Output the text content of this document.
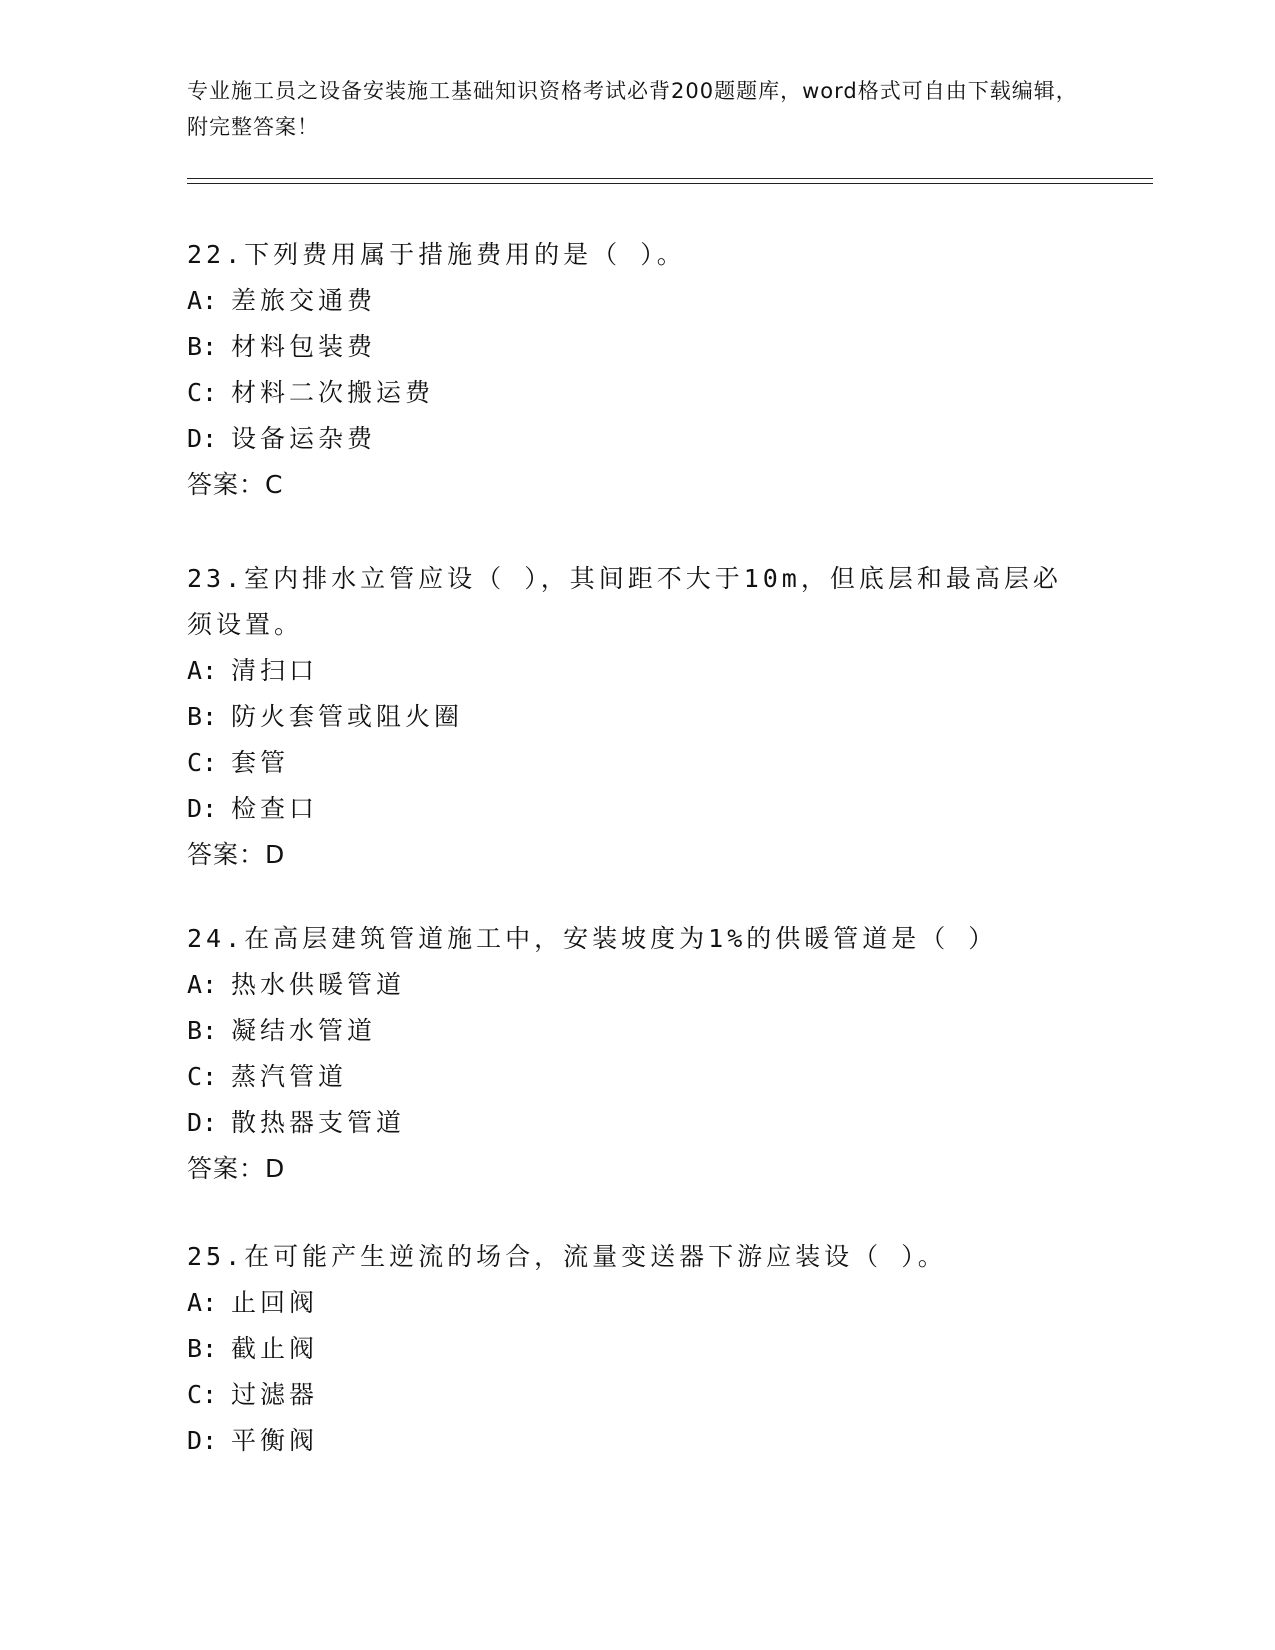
专业施工员之设备安装施工基础知识资格考试必背200题题库，word格式可自由下载编辑，附完整答案！
22.下列费用属于措施费用的是（ ）。
A: 差旅交通费
B: 材料包装费
C: 材料二次搬运费
D: 设备运杂费
答案：C
23.室内排水立管应设（ ），其间距不大于10m，但底层和最高层必须设置。
A: 清扫口
B: 防火套管或阻火圈
C: 套管
D: 检查口
答案：D
24.在高层建筑管道施工中，安装坡度为1%的供暖管道是（ ）
A: 热水供暖管道
B: 凝结水管道
C: 蒸汽管道
D: 散热器支管道
答案：D
25.在可能产生逆流的场合，流量变送器下游应装设（ ）。
A: 止回阀
B: 截止阀
C: 过滤器
D: 平衡阀
